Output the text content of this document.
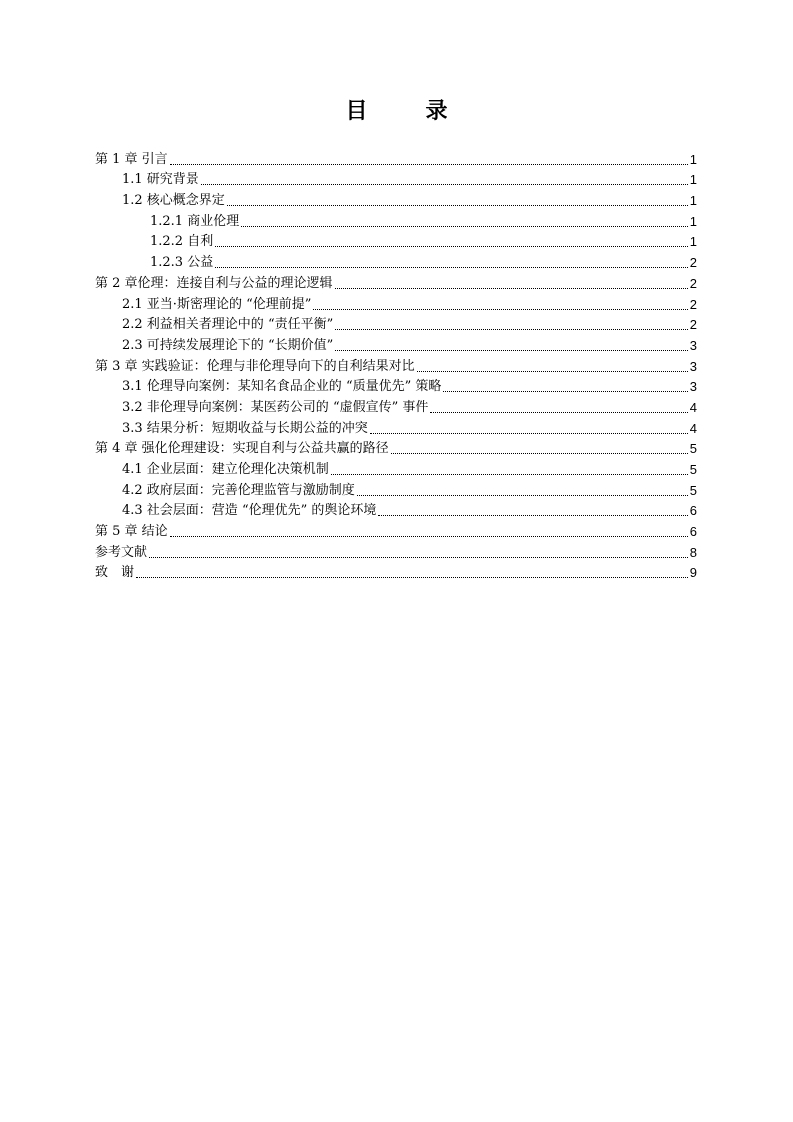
目　录
第 1 章 引言	1
1.1 研究背景	1
1.2 核心概念界定	1
1.2.1 商业伦理	1
1.2.2 自利	1
1.2.3 公益	2
第 2 章伦理：连接自利与公益的理论逻辑	2
2.1 亚当·斯密理论的 “伦理前提”	2
2.2 利益相关者理论中的 “责任平衡”	2
2.3 可持续发展理论下的 “长期价值”	3
第 3 章 实践验证：伦理与非伦理导向下的自利结果对比	3
3.1 伦理导向案例：某知名食品企业的 “质量优先” 策略	3
3.2 非伦理导向案例：某医药公司的 “虚假宣传” 事件	4
3.3 结果分析：短期收益与长期公益的冲突	4
第 4 章 强化伦理建设：实现自利与公益共赢的路径	5
4.1 企业层面：建立伦理化决策机制	5
4.2 政府层面：完善伦理监管与激励制度	5
4.3 社会层面：营造 “伦理优先” 的舆论环境	6
第 5 章 结论	6
参考文献	8
致　谢	9
